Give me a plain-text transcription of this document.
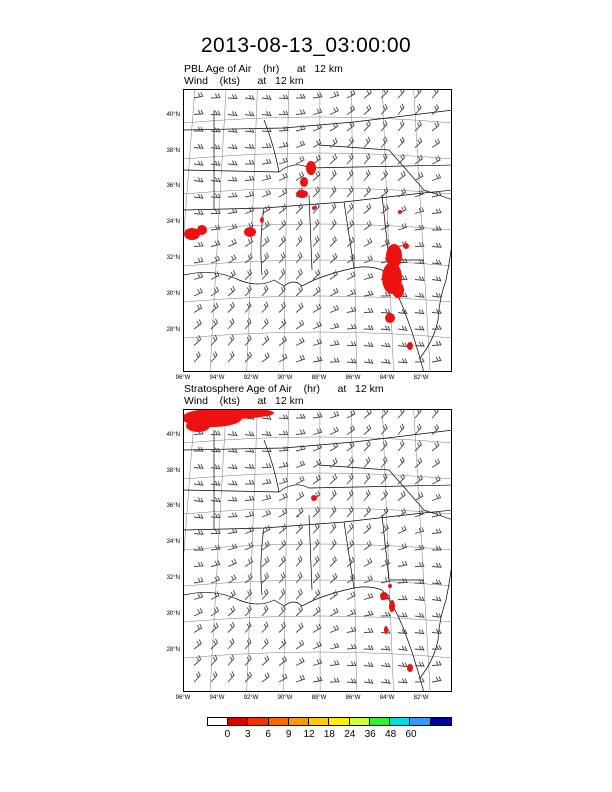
2013-08-13_03:00:00
PBL Age of Air    (hr)      at   12 km
Wind    (kts)      at   12 km
40°N
38°N
36°N
34°N
32°N
30°N
28°N
96°W	94°W	92°W	90°W	88°W	86°W	84°W	82°W
Stratosphere Age of Air    (hr)      at   12 km
Wind    (kts)      at   12 km
40°N
38°N
36°N
34°N
32°N
30°N
28°N
96°W	94°W	92°W	90°W	88°W	86°W	84°W	82°W
0	3	6	9	12 18 24 36 48 60
